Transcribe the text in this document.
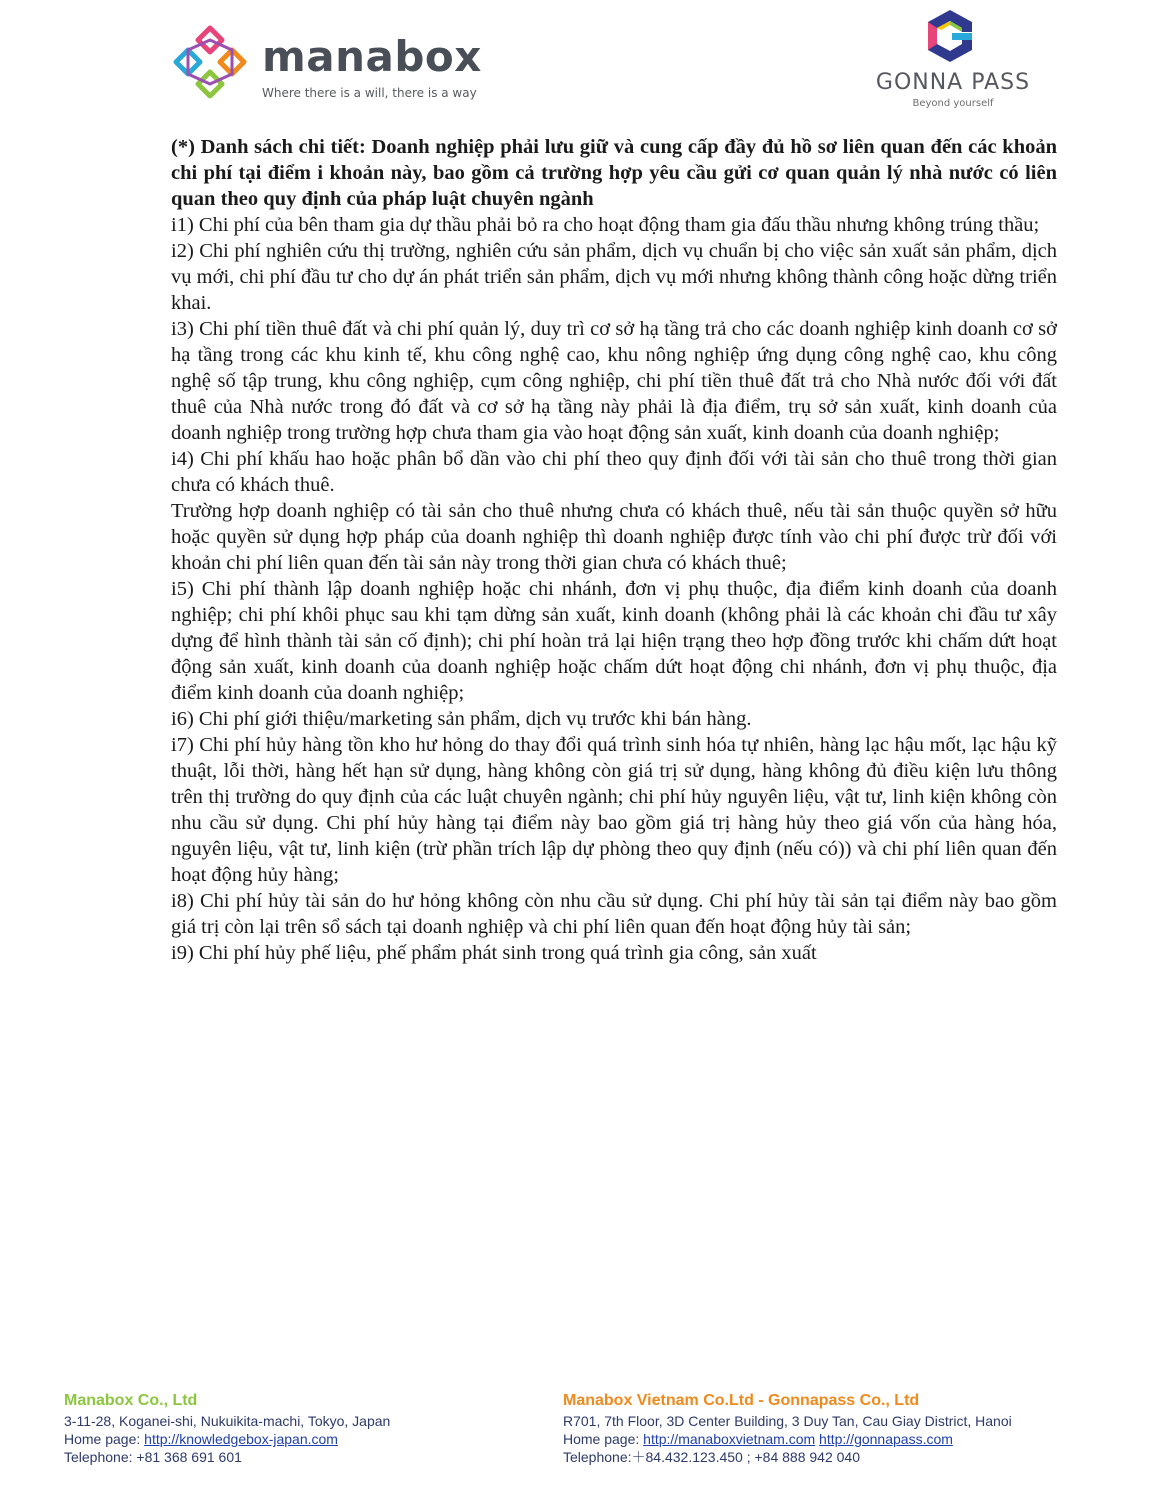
manabox
Where there is a will, there is a way	GONNA PASS
Beyond yourself

(*) Danh sách chi tiết: Doanh nghiệp phải lưu giữ và cung cấp đầy đủ hồ sơ liên quan đến các khoản chi phí tại điểm i khoản này, bao gồm cả trường hợp yêu cầu gửi cơ quan quản lý nhà nước có liên quan theo quy định của pháp luật chuyên ngành

i1) Chi phí của bên tham gia dự thầu phải bỏ ra cho hoạt động tham gia đấu thầu nhưng không trúng thầu;

i2) Chi phí nghiên cứu thị trường, nghiên cứu sản phẩm, dịch vụ chuẩn bị cho việc sản xuất sản phẩm, dịch vụ mới, chi phí đầu tư cho dự án phát triển sản phẩm, dịch vụ mới nhưng không thành công hoặc dừng triển khai.

i3) Chi phí tiền thuê đất và chi phí quản lý, duy trì cơ sở hạ tầng trả cho các doanh nghiệp kinh doanh cơ sở hạ tầng trong các khu kinh tế, khu công nghệ cao, khu nông nghiệp ứng dụng công nghệ cao, khu công nghệ số tập trung, khu công nghiệp, cụm công nghiệp, chi phí tiền thuê đất trả cho Nhà nước đối với đất thuê của Nhà nước trong đó đất và cơ sở hạ tầng này phải là địa điểm, trụ sở sản xuất, kinh doanh của doanh nghiệp trong trường hợp chưa tham gia vào hoạt động sản xuất, kinh doanh của doanh nghiệp;

i4) Chi phí khấu hao hoặc phân bổ dần vào chi phí theo quy định đối với tài sản cho thuê trong thời gian chưa có khách thuê.

Trường hợp doanh nghiệp có tài sản cho thuê nhưng chưa có khách thuê, nếu tài sản thuộc quyền sở hữu hoặc quyền sử dụng hợp pháp của doanh nghiệp thì doanh nghiệp được tính vào chi phí được trừ đối với khoản chi phí liên quan đến tài sản này trong thời gian chưa có khách thuê;

i5) Chi phí thành lập doanh nghiệp hoặc chi nhánh, đơn vị phụ thuộc, địa điểm kinh doanh của doanh nghiệp; chi phí khôi phục sau khi tạm dừng sản xuất, kinh doanh (không phải là các khoản chi đầu tư xây dựng để hình thành tài sản cố định); chi phí hoàn trả lại hiện trạng theo hợp đồng trước khi chấm dứt hoạt động sản xuất, kinh doanh của doanh nghiệp hoặc chấm dứt hoạt động chi nhánh, đơn vị phụ thuộc, địa điểm kinh doanh của doanh nghiệp;

i6) Chi phí giới thiệu/marketing sản phẩm, dịch vụ trước khi bán hàng.

i7) Chi phí hủy hàng tồn kho hư hỏng do thay đổi quá trình sinh hóa tự nhiên, hàng lạc hậu mốt, lạc hậu kỹ thuật, lỗi thời, hàng hết hạn sử dụng, hàng không còn giá trị sử dụng, hàng không đủ điều kiện lưu thông trên thị trường do quy định của các luật chuyên ngành; chi phí hủy nguyên liệu, vật tư, linh kiện không còn nhu cầu sử dụng. Chi phí hủy hàng tại điểm này bao gồm giá trị hàng hủy theo giá vốn của hàng hóa, nguyên liệu, vật tư, linh kiện (trừ phần trích lập dự phòng theo quy định (nếu có)) và chi phí liên quan đến hoạt động hủy hàng;

i8) Chi phí hủy tài sản do hư hỏng không còn nhu cầu sử dụng. Chi phí hủy tài sản tại điểm này bao gồm giá trị còn lại trên sổ sách tại doanh nghiệp và chi phí liên quan đến hoạt động hủy tài sản;

i9) Chi phí hủy phế liệu, phế phẩm phát sinh trong quá trình gia công, sản xuất

Manabox Co., Ltd
3-11-28, Koganei-shi, Nukuikita-machi, Tokyo, Japan
Home page: http://knowledgebox-japan.com
Telephone: +81 368 691 601
Manabox Vietnam Co.Ltd - Gonnapass Co., Ltd
R701, 7th Floor, 3D Center Building, 3 Duy Tan, Cau Giay District, Hanoi
Home page: http://manaboxvietnam.com http://gonnapass.com
Telephone:＋84.432.123.450 ; +84 888 942 040
